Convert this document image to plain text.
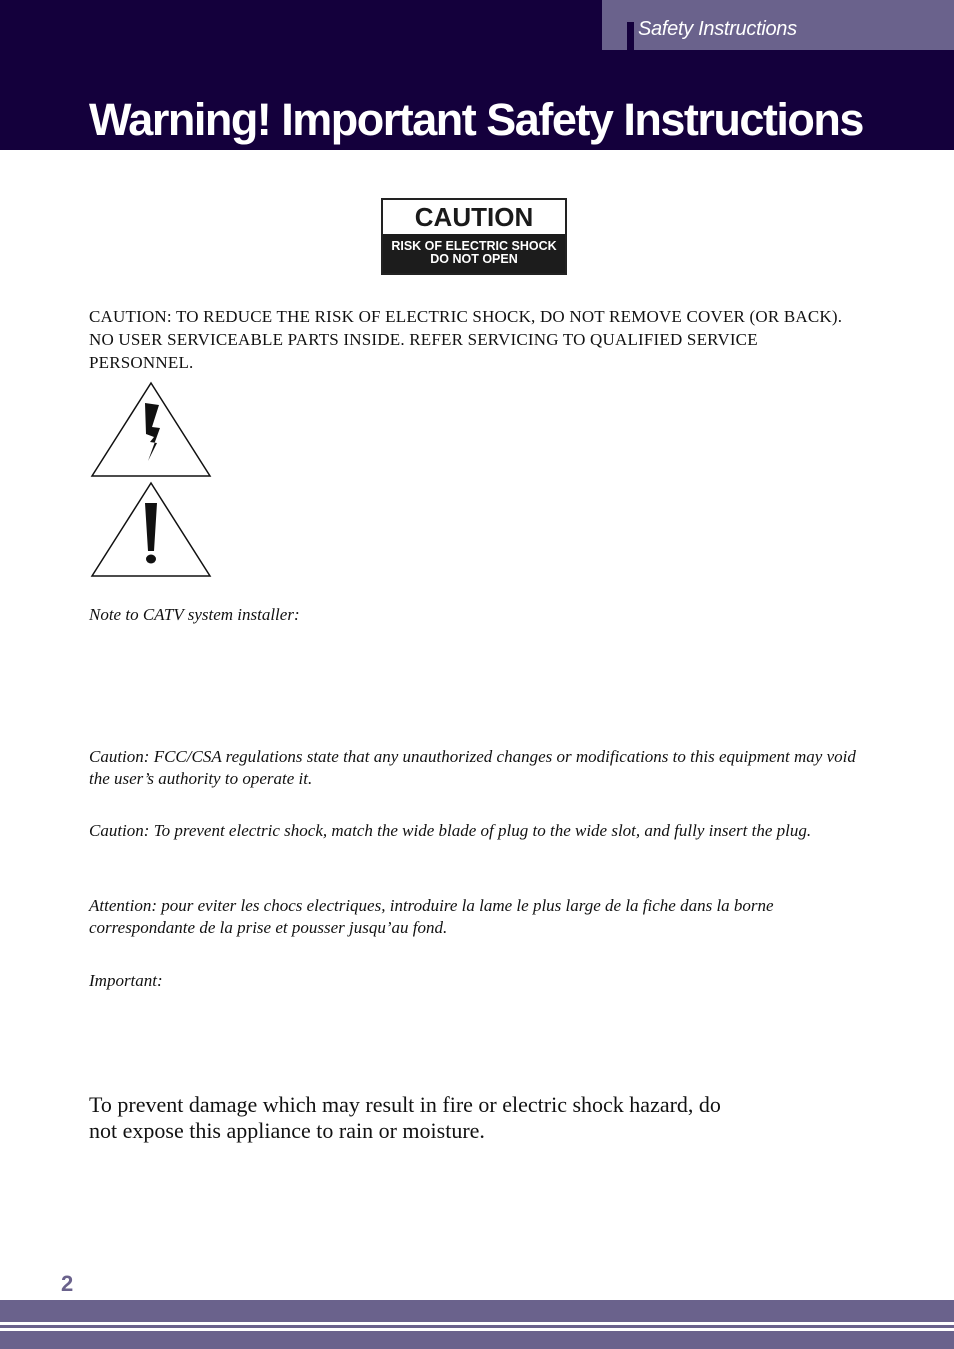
Safety Instructions
Warning! Important Safety Instructions
CAUTION
RISK OF ELECTRIC SHOCK
DO NOT OPEN

CAUTION: TO REDUCE THE RISK OF ELECTRIC SHOCK, DO NOT REMOVE COVER (OR BACK). NO USER SERVICEABLE PARTS INSIDE. REFER SERVICING TO QUALIFIED SERVICE PERSONNEL.

Note to CATV system installer:

Caution: FCC/CSA regulations state that any unauthorized changes or modifications to this equipment may void the user’s authority to operate it.

Caution: To prevent electric shock, match the wide blade of plug to the wide slot, and fully insert the plug.

Attention: pour eviter les chocs electriques, introduire la lame le plus large de la fiche dans la borne correspondante de la prise et pousser jusqu’au fond.

Important:

To prevent damage which may result in fire or electric shock hazard, do not expose this appliance to rain or moisture.

2
